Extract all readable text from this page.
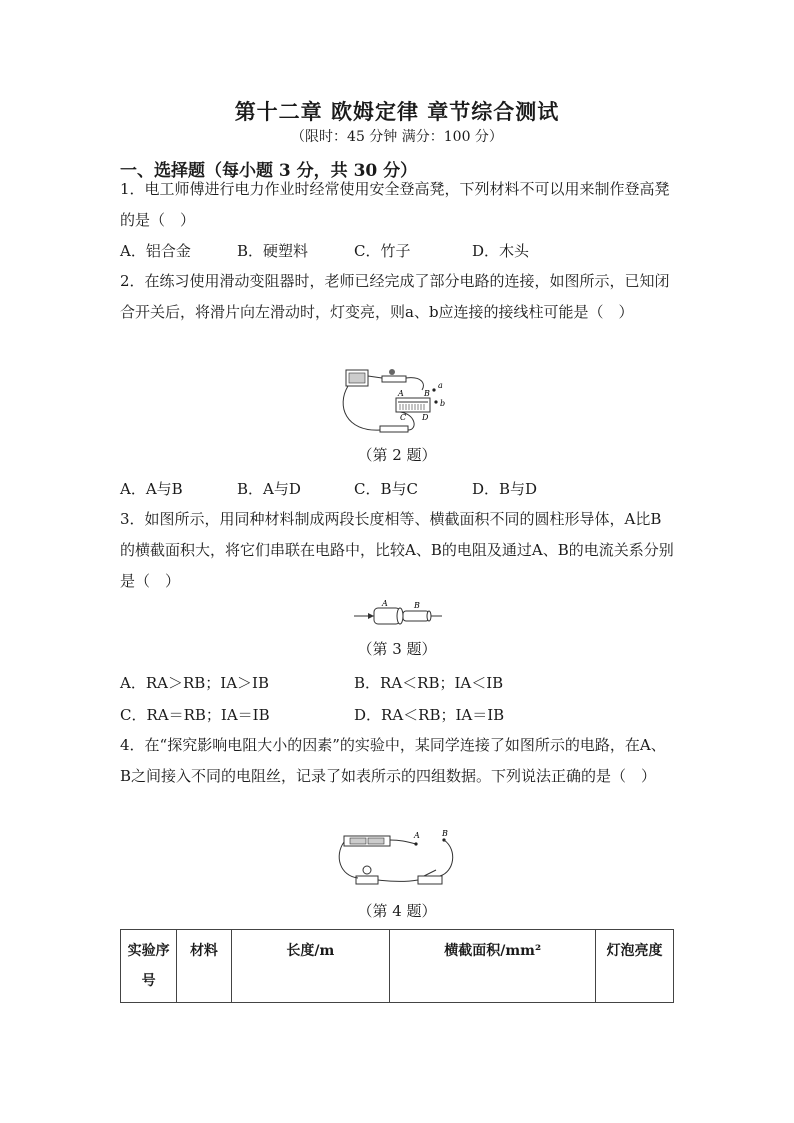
第十二章 欧姆定律 章节综合测试
（限时：45 分钟 满分：100 分）
一、选择题（每小题 3 分，共 30 分）
1．电工师傅进行电力作业时经常使用安全登高凳，下列材料不可以用来制作登高凳的是（　）
A．铝合金	B．硬塑料	C．竹子	D．木头
2．在练习使用滑动变阻器时，老师已经完成了部分电路的连接，如图所示，已知闭合开关后，将滑片向左滑动时，灯变亮，则a、b应连接的接线柱可能是（　）
A	B
C D
a
b
（第 2 题）
A．A与B	B．A与D	C．B与C	D．B与D
3．如图所示，用同种材料制成两段长度相等、横截面积不同的圆柱形导体，A比B的横截面积大，将它们串联在电路中，比较A、B的电阻及通过A、B的电流关系分别是（　）
A	B
（第 3 题）
A．RA＞RB；IA＞IB	B．RA＜RB；IA＜IB
C．RA＝RB；IA＝IB	D．RA＜RB；IA＝IB
4．在“探究影响电阻大小的因素”的实验中，某同学连接了如图所示的电路，在A、B之间接入不同的电阻丝，记录了如表所示的四组数据。下列说法正确的是（　）
A	B
（第 4 题）
实验序号	材料	长度/m	横截面积/mm²	灯泡亮度
